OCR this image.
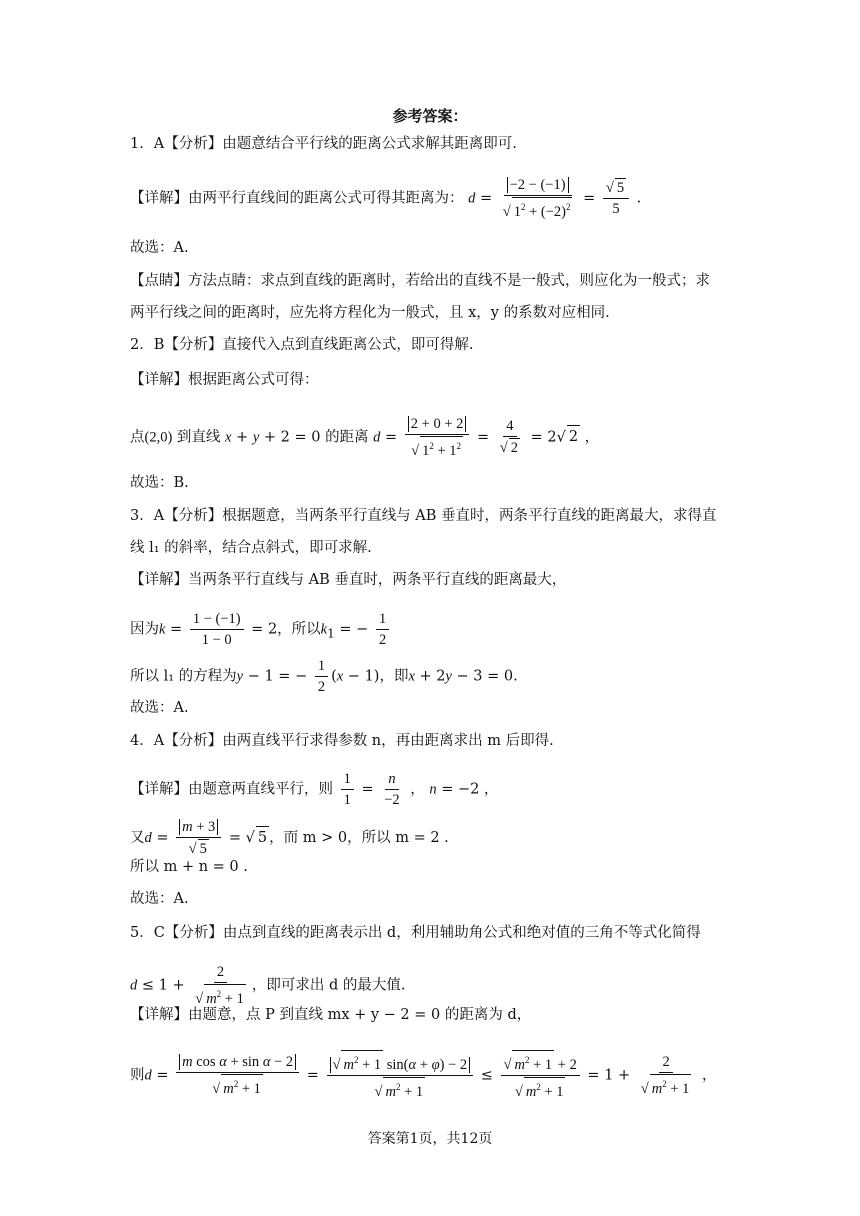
参考答案：
1．A【分析】由题意结合平行线的距离公式求解其距离即可.
【详解】由两平行直线间的距离公式可得其距离为： $d = \frac{-2 - (-1)}{√ 1^2 + (-2)^2} = \frac{√ 5}{5}$ .
故选：A.
【点睛】方法点睛：求点到直线的距离时，若给出的直线不是一般式，则应化为一般式；求
两平行线之间的距离时，应先将方程化为一般式，且 x，y 的系数对应相同.
2．B【分析】直接代入点到直线距离公式，即可得解.
【详解】根据距离公式可得：
点(2,0) 到直线 x + y + 2 = 0 的距离 $d = \frac{2 + 0 + 2}{√ 1^2 + 1^2} = \frac{4}{√ 2} = 2√$ 2 ，
故选：B.
3．A【分析】根据题意，当两条平行直线与 AB 垂直时，两条平行直线的距离最大，求得直
线 l₁ 的斜率，结合点斜式，即可求解.
【详解】当两条平行直线与 AB 垂直时，两条平行直线的距离最大，
因为$k = \frac{1 - (-1)}{1 - 0} = 2$，所以$k_1$ = − $\frac{1}{2}$
所以 l₁ 的方程为y − 1 = − $\frac{1}{2} (x - 1)$，即x + 2y − 3 = 0.
故选：A.
4．A【分析】由两直线平行求得参数 n，再由距离求出 m 后即得.
【详解】由题意两直线平行，则 $\frac{1}{1} = \frac{n}{-2}$ ， n = −2 ，
又$d = \frac{m + 3}{√ 5}$ = √ 5 ，而 m > 0，所以 m = 2 .
所以 m + n = 0 .
故选：A.
5．C【分析】由点到直线的距离表示出 d，利用辅助角公式和绝对值的三角不等式化简得
$d \le 1 + \frac{2}{√ m^2 + 1}$ ，即可求出 d 的最大值.
【详解】由题意，点 P 到直线 mx + y − 2 = 0 的距离为 d，
则$d = \frac{\text{m cos α + sin α − 2}}{√ m^2 + 1} = \frac{√ m^2 + 1 \sin(\alpha + \varphi) - 2}{√ m^2 + 1} \le \frac{√ m^2 + 1 + 2}{√ m^2 + 1} = 1 + \frac{2}{√ m^2 + 1}$ ，
答案第1页，共12页
